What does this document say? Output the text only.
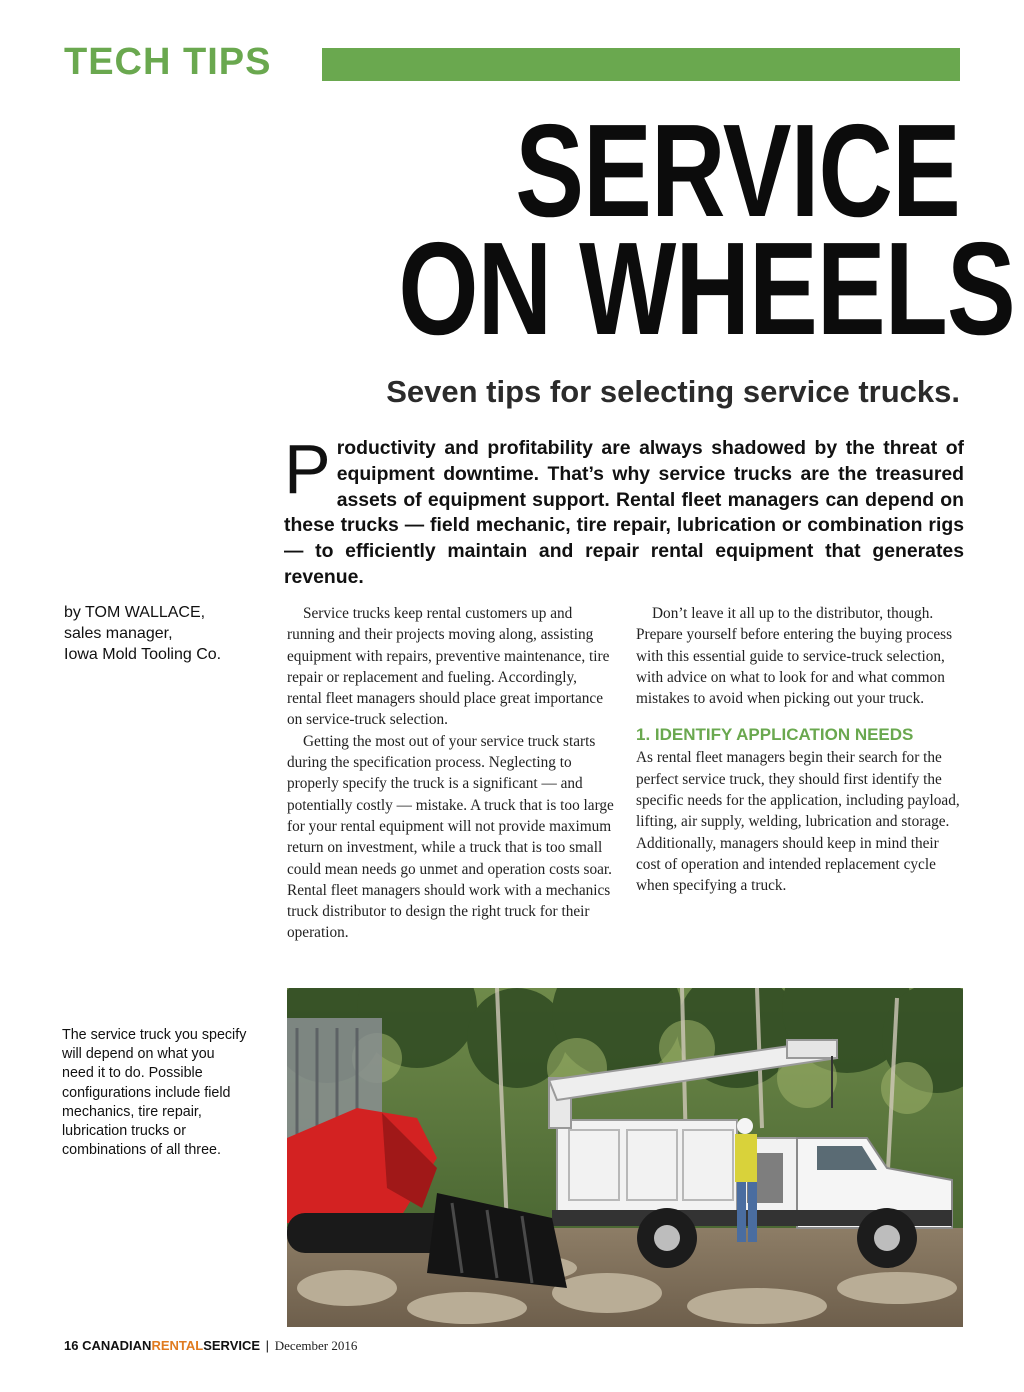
TECH TIPS
SERVICE
ON WHEELS
Seven tips for selecting service trucks.

Productivity and profitability are always shadowed by the threat of equipment downtime. That’s why service trucks are the treasured assets of equipment support. Rental fleet managers can depend on these trucks — field mechanic, tire repair, lubrication or combination rigs — to efficiently maintain and repair rental equipment that generates revenue.

by TOM WALLACE,
sales manager,
Iowa Mold Tooling Co.

Service trucks keep rental customers up and running and their projects moving along, assisting equipment with repairs, preventive maintenance, tire repair or replacement and fueling. Accordingly, rental fleet managers should place great importance on service-truck selection.

Getting the most out of your service truck starts during the specification process. Neglecting to properly specify the truck is a significant — and potentially costly — mistake. A truck that is too large for your rental equipment will not provide maximum return on investment, while a truck that is too small could mean needs go unmet and operation costs soar. Rental fleet managers should work with a mechanics truck distributor to design the right truck for their operation.

Don’t leave it all up to the distributor, though. Prepare yourself before entering the buying process with this essential guide to service-truck selection, with advice on what to look for and what common mistakes to avoid when picking out your truck.

1. IDENTIFY APPLICATION NEEDS

As rental fleet managers begin their search for the perfect service truck, they should first identify the specific needs for the application, including payload, lifting, air supply, welding, lubrication and storage. Additionally, managers should keep in mind their cost of operation and intended replacement cycle when specifying a truck.

The service truck you specify will depend on what you need it to do. Possible configurations include field mechanics, tire repair, lubrication trucks or combinations of all three.

16 CANADIANRENTALSERVICE | December 2016
